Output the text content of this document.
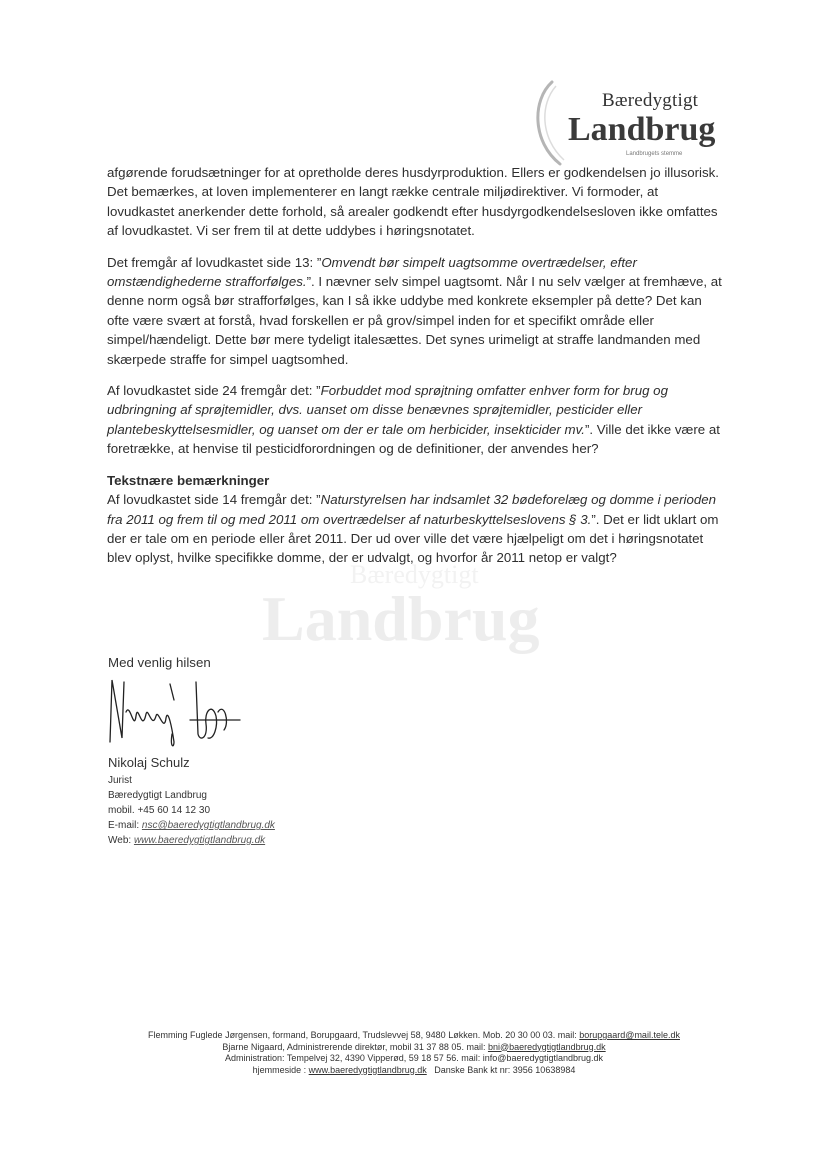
Bæredygtigt
Landbrug
Landbrugets stemme
Bæredygtigt
Landbrug

afgørende forudsætninger for at opretholde deres husdyrproduktion. Ellers er godkendelsen jo illusorisk. Det bemærkes, at loven implementerer en langt række centrale miljødirektiver. Vi formoder, at lovudkastet anerkender dette forhold, så arealer godkendt efter husdyrgodkendelsesloven ikke omfattes af lovudkastet. Vi ser frem til at dette uddybes i høringsnotatet.

Det fremgår af lovudkastet side 13: ”Omvendt bør simpelt uagtsomme overtrædelser, efter omstændighederne strafforfølges.”. I nævner selv simpel uagtsomt. Når I nu selv vælger at fremhæve, at denne norm også bør strafforfølges, kan I så ikke uddybe med konkrete eksempler på dette? Det kan ofte være svært at forstå, hvad forskellen er på grov/simpel inden for et specifikt område eller simpel/hændeligt. Dette bør mere tydeligt italesættes. Det synes urimeligt at straffe landmanden med skærpede straffe for simpel uagtsomhed.

Af lovudkastet side 24 fremgår det: ”Forbuddet mod sprøjtning omfatter enhver form for brug og udbringning af sprøjtemidler, dvs. uanset om disse benævnes sprøjtemidler, pesticider eller plantebeskyttelsesmidler, og uanset om der er tale om herbicider, insekticider mv.”. Ville det ikke være at foretrække, at henvise til pesticidforordningen og de definitioner, der anvendes her?

Tekstnære bemærkninger

Af lovudkastet side 14 fremgår det: ”Naturstyrelsen har indsamlet 32 bødeforelæg og domme i perioden fra 2011 og frem til og med 2011 om overtrædelser af naturbeskyttelseslovens § 3.”. Det er lidt uklart om der er tale om en periode eller året 2011. Der ud over ville det være hjælpeligt om det i høringsnotatet blev oplyst, hvilke specifikke domme, der er udvalgt, og hvorfor år 2011 netop er valgt?

Med venlig hilsen
Nikolaj Schulz
Jurist
Bæredygtigt Landbrug
mobil. +45 60 14 12 30
E-mail: nsc@baeredygtigtlandbrug.dk
Web: www.baeredygtigtlandbrug.dk
Flemming Fuglede Jørgensen, formand, Borupgaard, Trudslevvej 58, 9480 Løkken. Mob. 20 30 00 03. mail: borupgaard@mail.tele.dk
Bjarne Nigaard, Administrerende direktør, mobil 31 37 88 05. mail: bni@baeredygtigtlandbrug.dk
Administration: Tempelvej 32, 4390 Vipperød, 59 18 57 56. mail: info@baeredygtigtlandbrug.dk
hjemmeside : www.baeredygtigtlandbrug.dk Danske Bank kt nr: 3956 10638984
